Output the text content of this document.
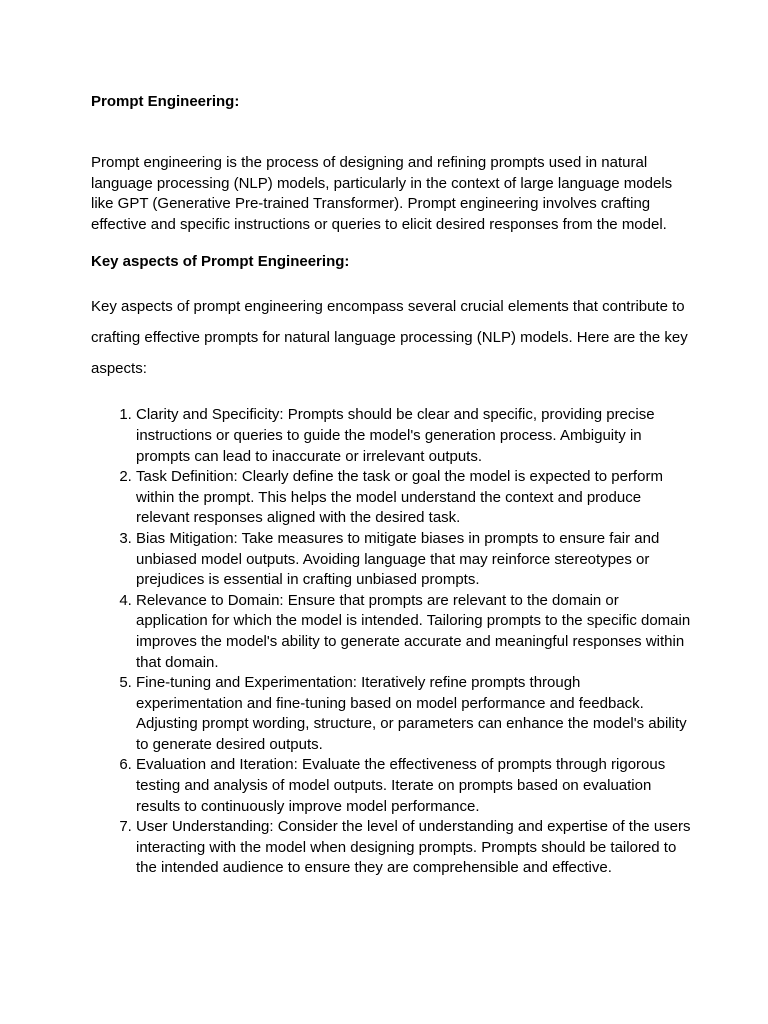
Prompt Engineering:

Prompt engineering is the process of designing and refining prompts used in natural language processing (NLP) models, particularly in the context of large language models like GPT (Generative Pre-trained Transformer). Prompt engineering involves crafting effective and specific instructions or queries to elicit desired responses from the model.

Key aspects of Prompt Engineering:

Key aspects of prompt engineering encompass several crucial elements that contribute to crafting effective prompts for natural language processing (NLP) models. Here are the key aspects:

1. Clarity and Specificity: Prompts should be clear and specific, providing precise instructions or queries to guide the model's generation process. Ambiguity in prompts can lead to inaccurate or irrelevant outputs.
2. Task Definition: Clearly define the task or goal the model is expected to perform within the prompt. This helps the model understand the context and produce relevant responses aligned with the desired task.
3. Bias Mitigation: Take measures to mitigate biases in prompts to ensure fair and unbiased model outputs. Avoiding language that may reinforce stereotypes or prejudices is essential in crafting unbiased prompts.
4. Relevance to Domain: Ensure that prompts are relevant to the domain or application for which the model is intended. Tailoring prompts to the specific domain improves the model's ability to generate accurate and meaningful responses within that domain.
5. Fine-tuning and Experimentation: Iteratively refine prompts through experimentation and fine-tuning based on model performance and feedback. Adjusting prompt wording, structure, or parameters can enhance the model's ability to generate desired outputs.
6. Evaluation and Iteration: Evaluate the effectiveness of prompts through rigorous testing and analysis of model outputs. Iterate on prompts based on evaluation results to continuously improve model performance.
7. User Understanding: Consider the level of understanding and expertise of the users interacting with the model when designing prompts. Prompts should be tailored to the intended audience to ensure they are comprehensible and effective.
